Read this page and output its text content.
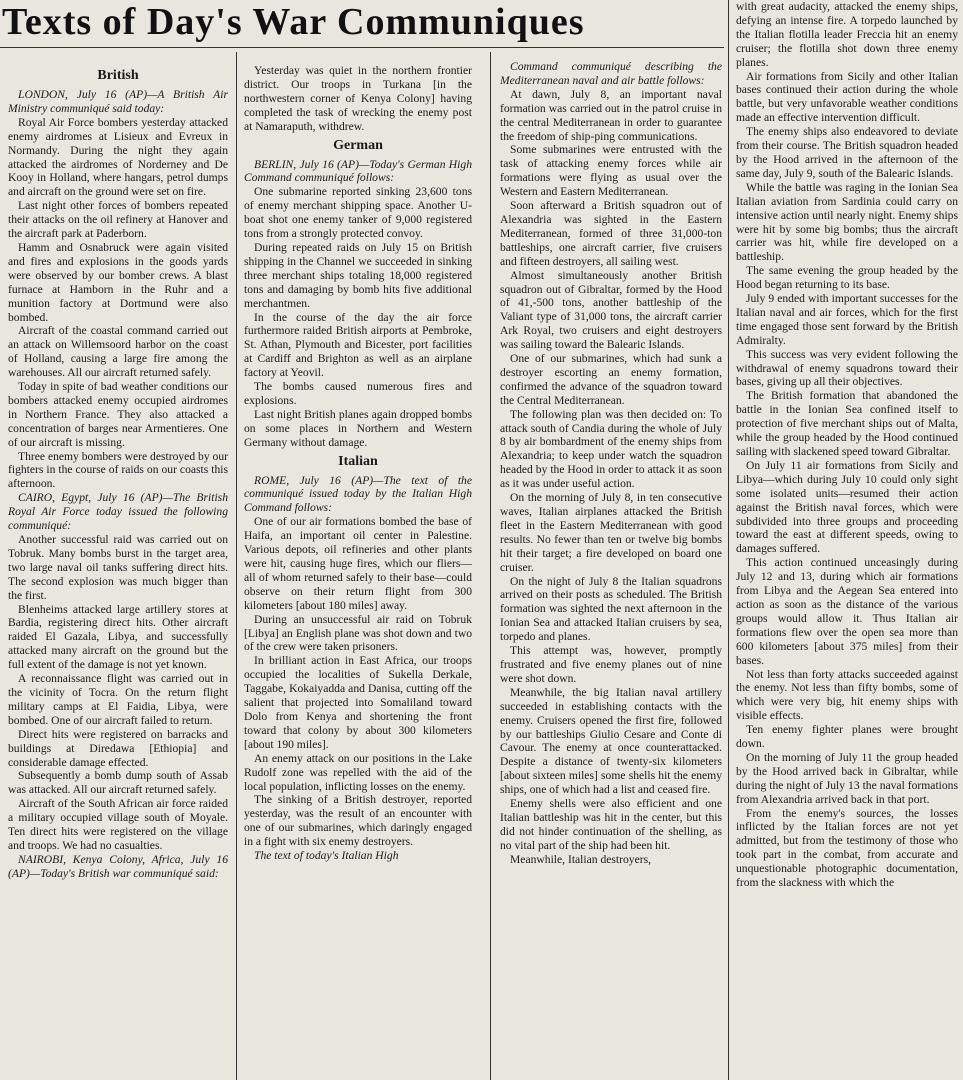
Texts of Day's War Communiques
British

LONDON, July 16 (AP)—A British Air Ministry communiqué said today:

Royal Air Force bombers yesterday attacked enemy airdromes at Lisieux and Evreux in Normandy. During the night they again attacked the airdromes of Norderney and De Kooy in Holland, where hangars, petrol dumps and aircraft on the ground were set on fire.

Last night other forces of bombers repeated their attacks on the oil refinery at Hanover and the aircraft park at Paderborn.

Hamm and Osnabruck were again visited and fires and explosions in the goods yards were observed by our bomber crews. A blast furnace at Hamborn in the Ruhr and a munition factory at Dortmund were also bombed.

Aircraft of the coastal command carried out an attack on Willemsoord harbor on the coast of Holland, causing a large fire among the warehouses. All our aircraft returned safely.

Today in spite of bad weather conditions our bombers attacked enemy occupied airdromes in Northern France. They also attacked a concentration of barges near Armentieres. One of our aircraft is missing.

Three enemy bombers were destroyed by our fighters in the course of raids on our coasts this afternoon.

CAIRO, Egypt, July 16 (AP)—The British Royal Air Force today issued the following communiqué:

Another successful raid was carried out on Tobruk. Many bombs burst in the target area, two large naval oil tanks suffering direct hits. The second explosion was much bigger than the first.

Blenheims attacked large artillery stores at Bardia, registering direct hits. Other aircraft raided El Gazala, Libya, and successfully attacked many aircraft on the ground but the full extent of the damage is not yet known.

A reconnaissance flight was carried out in the vicinity of Tocra. On the return flight military camps at El Faidia, Libya, were bombed. One of our aircraft failed to return.

Direct hits were registered on barracks and buildings at Diredawa [Ethiopia] and considerable damage effected.

Subsequently a bomb dump south of Assab was attacked. All our aircraft returned safely.

Aircraft of the South African air force raided a military occupied village south of Moyale. Ten direct hits were registered on the village and troops. We had no casualties.

NAIROBI, Kenya Colony, Africa, July 16 (AP)—Today's British war communiqué said:

Yesterday was quiet in the northern frontier district. Our troops in Turkana [in the northwestern corner of Kenya Colony] having completed the task of wrecking the enemy post at Namaraputh, withdrew.

German

BERLIN, July 16 (AP)—Today's German High Command communiqué follows:

One submarine reported sinking 23,600 tons of enemy merchant shipping space. Another U-boat shot one enemy tanker of 9,000 registered tons from a strongly protected convoy.

During repeated raids on July 15 on British shipping in the Channel we succeeded in sinking three merchant ships totaling 18,000 registered tons and damaging by bomb hits five additional merchantmen.

In the course of the day the air force furthermore raided British airports at Pembroke, St. Athan, Plymouth and Bicester, port facilities at Cardiff and Brighton as well as an airplane factory at Yeovil.

The bombs caused numerous fires and explosions.

Last night British planes again dropped bombs on some places in Northern and Western Germany without damage.

Italian

ROME, July 16 (AP)—The text of the communiqué issued today by the Italian High Command follows:

One of our air formations bombed the base of Haifa, an important oil center in Palestine. Various depots, oil refineries and other plants were hit, causing huge fires, which our fliers—all of whom returned safely to their base—could observe on their return flight from 300 kilometers [about 180 miles] away.

During an unsuccessful air raid on Tobruk [Libya] an English plane was shot down and two of the crew were taken prisoners.

In brilliant action in East Africa, our troops occupied the localities of Sukella Derkale, Taggabe, Kokaiyadda and Danisa, cutting off the salient that projected into Somaliland toward Dolo from Kenya and shortening the front toward that colony by about 300 kilometers [about 190 miles].

An enemy attack on our positions in the Lake Rudolf zone was repelled with the aid of the local population, inflicting losses on the enemy.

The sinking of a British destroyer, reported yesterday, was the result of an encounter with one of our submarines, which daringly engaged in a fight with six enemy destroyers.

The text of today's Italian High

Command communiqué describing the Mediterranean naval and air battle follows:

At dawn, July 8, an important naval formation was carried out in the patrol cruise in the central Mediterranean in order to guarantee the freedom of ship-ping communications.

Some submarines were entrusted with the task of attacking enemy forces while air formations were flying as usual over the Western and Eastern Mediterranean.

Soon afterward a British squadron out of Alexandria was sighted in the Eastern Mediterranean, formed of three 31,000-ton battleships, one aircraft carrier, five cruisers and fifteen destroyers, all sailing west.

Almost simultaneously another British squadron out of Gibraltar, formed by the Hood of 41,-500 tons, another battleship of the Valiant type of 31,000 tons, the aircraft carrier Ark Royal, two cruisers and eight destroyers was sailing toward the Balearic Islands.

One of our submarines, which had sunk a destroyer escorting an enemy formation, confirmed the advance of the squadron toward the Central Mediterranean.

The following plan was then decided on: To attack south of Candia during the whole of July 8 by air bombardment of the enemy ships from Alexandria; to keep under watch the squadron headed by the Hood in order to attack it as soon as it was under useful action.

On the morning of July 8, in ten consecutive waves, Italian airplanes attacked the British fleet in the Eastern Mediterranean with good results. No fewer than ten or twelve big bombs hit their target; a fire developed on board one cruiser.

On the night of July 8 the Italian squadrons arrived on their posts as scheduled. The British formation was sighted the next afternoon in the Ionian Sea and attacked Italian cruisers by sea, torpedo and planes.

This attempt was, however, promptly frustrated and five enemy planes out of nine were shot down.

Meanwhile, the big Italian naval artillery succeeded in establishing contacts with the enemy. Cruisers opened the first fire, followed by our battleships Giulio Cesare and Conte di Cavour. The enemy at once counterattacked. Despite a distance of twenty-six kilometers [about sixteen miles] some shells hit the enemy ships, one of which had a list and ceased fire.

Enemy shells were also efficient and one Italian battleship was hit in the center, but this did not hinder continuation of the shelling, as no vital part of the ship had been hit.

Meanwhile, Italian destroyers,

with great audacity, attacked the enemy ships, defying an intense fire. A torpedo launched by the Italian flotilla leader Freccia hit an enemy cruiser; the flotilla shot down three enemy planes.

Air formations from Sicily and other Italian bases continued their action during the whole battle, but very unfavorable weather conditions made an effective intervention difficult.

The enemy ships also endeavored to deviate from their course. The British squadron headed by the Hood arrived in the afternoon of the same day, July 9, south of the Balearic Islands.

While the battle was raging in the Ionian Sea Italian aviation from Sardinia could carry on intensive action until nearly night. Enemy ships were hit by some big bombs; thus the aircraft carrier was hit, while fire developed on a battleship.

The same evening the group headed by the Hood began returning to its base.

July 9 ended with important successes for the Italian naval and air forces, which for the first time engaged those sent forward by the British Admiralty.

This success was very evident following the withdrawal of enemy squadrons toward their bases, giving up all their objectives.

The British formation that abandoned the battle in the Ionian Sea confined itself to protection of five merchant ships out of Malta, while the group headed by the Hood continued sailing with slackened speed toward Gibraltar.

On July 11 air formations from Sicily and Libya—which during July 10 could only sight some isolated units—resumed their action against the British naval forces, which were subdivided into three groups and proceeding toward the east at different speeds, owing to damages suffered.

This action continued unceasingly during July 12 and 13, during which air formations from Libya and the Aegean Sea entered into action as soon as the distance of the various groups would allow it. Thus Italian air formations flew over the open sea more than 600 kilometers [about 375 miles] from their bases.

Not less than forty attacks succeeded against the enemy. Not less than fifty bombs, some of which were very big, hit enemy ships with visible effects.

Ten enemy fighter planes were brought down.

On the morning of July 11 the group headed by the Hood arrived back in Gibraltar, while during the night of July 13 the naval formations from Alexandria arrived back in that port.

From the enemy's sources, the losses inflicted by the Italian forces are not yet admitted, but from the testimony of those who took part in the combat, from accurate and unquestionable photographic documentation, from the slackness with which the
